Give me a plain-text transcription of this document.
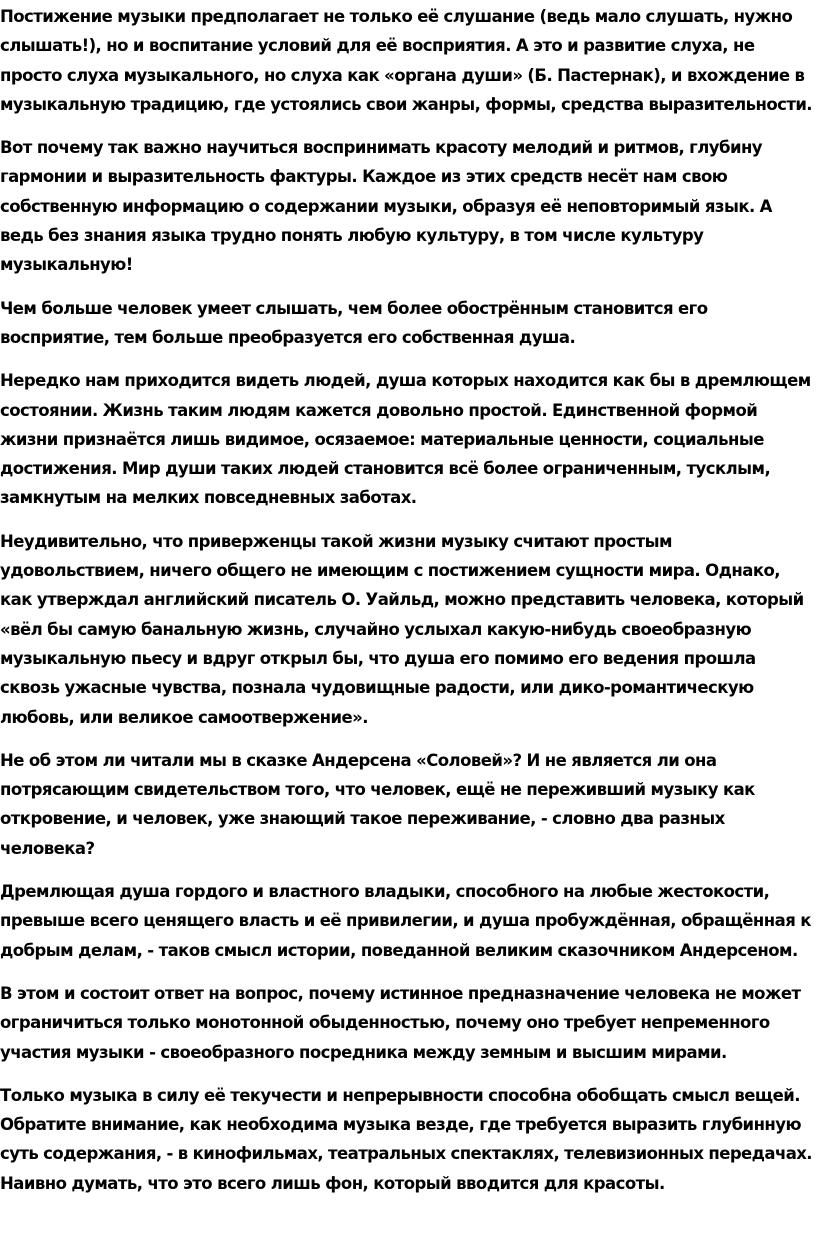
Постижение музыки предполагает не только её слушание (ведь мало слушать, нужно
слышать!), но и воспитание условий для её восприятия. А это и развитие слуха, не
просто слуха музыкального, но слуха как «органа души» (Б. Пастернак), и вхождение в
музыкальную традицию, где устоялись свои жанры, формы, средства выразительности.

Вот почему так важно научиться воспринимать красоту мелодий и ритмов, глубину
гармонии и выразительность фактуры. Каждое из этих средств несёт нам свою
собственную информацию о содержании музыки, образуя её неповторимый язык. А
ведь без знания языка трудно понять любую культуру, в том числе культуру
музыкальную!

Чем больше человек умеет слышать, чем более обострённым становится его
восприятие, тем больше преобразуется его собственная душа.

Нередко нам приходится видеть людей, душа которых находится как бы в дремлющем
состоянии. Жизнь таким людям кажется довольно простой. Единственной формой
жизни признаётся лишь видимое, осязаемое: материальные ценности, социальные
достижения. Мир души таких людей становится всё более ограниченным, тусклым,
замкнутым на мелких повседневных заботах.

Неудивительно, что приверженцы такой жизни музыку считают простым
удовольствием, ничего общего не имеющим с постижением сущности мира. Однако,
как утверждал английский писатель О. Уайльд, можно представить человека, который
«вёл бы самую банальную жизнь, случайно услыхал какую-нибудь своеобразную
музыкальную пьесу и вдруг открыл бы, что душа его помимо его ведения прошла
сквозь ужасные чувства, познала чудовищные радости, или дико-романтическую
любовь, или великое самоотвержение».

Не об этом ли читали мы в сказке Андерсена «Соловей»? И не является ли она
потрясающим свидетельством того, что человек, ещё не переживший музыку как
откровение, и человек, уже знающий такое переживание, - словно два разных
человека?

Дремлющая душа гордого и властного владыки, способного на любые жестокости,
превыше всего ценящего власть и её привилегии, и душа пробуждённая, обращённая к
добрым делам, - таков смысл истории, поведанной великим сказочником Андерсеном.

В этом и состоит ответ на вопрос, почему истинное предназначение человека не может
ограничиться только монотонной обыденностью, почему оно требует непременного
участия музыки - своеобразного посредника между земным и высшим мирами.

Только музыка в силу её текучести и непрерывности способна обобщать смысл вещей.
Обратите внимание, как необходима музыка везде, где требуется выразить глубинную
суть содержания, - в кинофильмах, театральных спектаклях, телевизионных передачах.
Наивно думать, что это всего лишь фон, который вводится для красоты.
